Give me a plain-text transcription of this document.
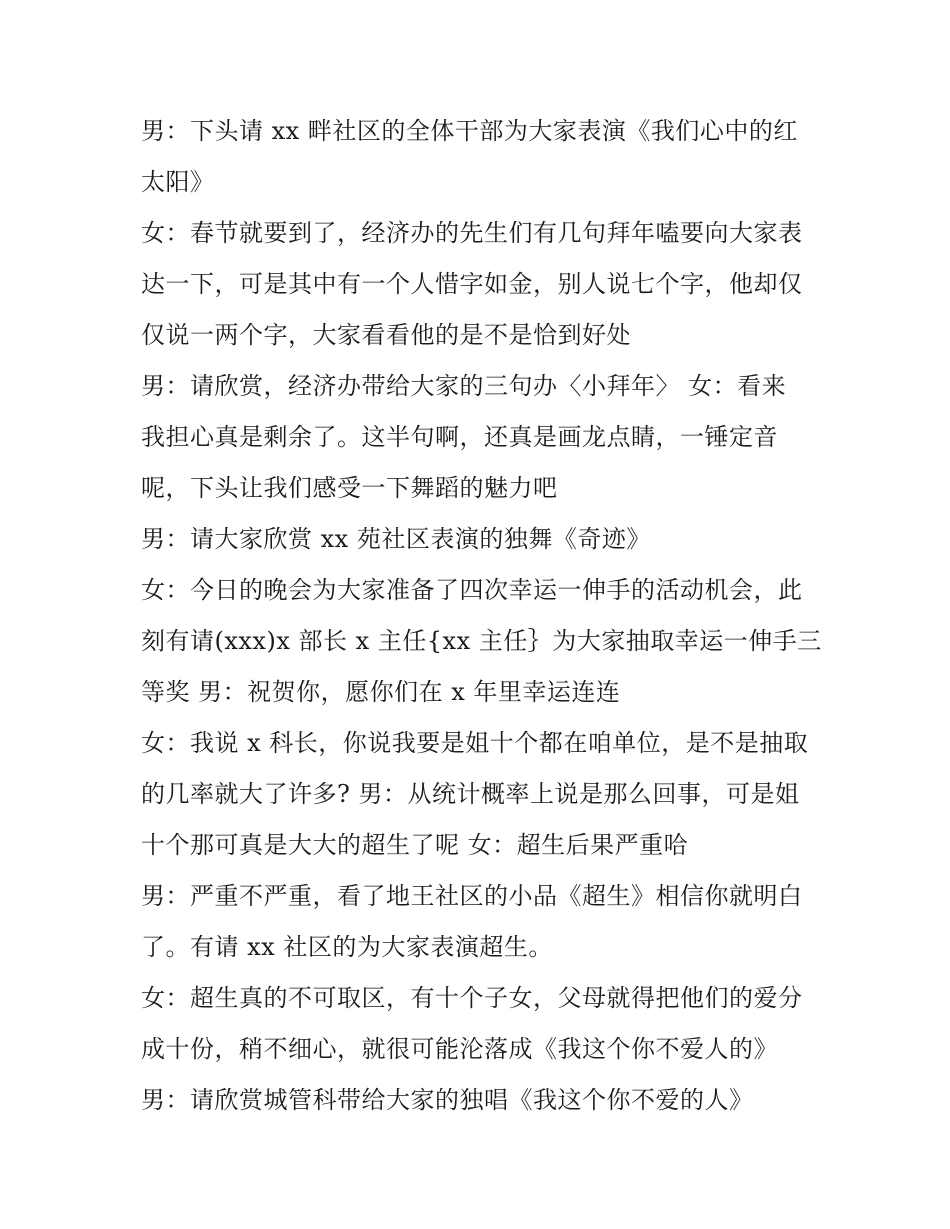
男：下头请 xx 畔社区的全体干部为大家表演《我们心中的红
太阳》
女：春节就要到了，经济办的先生们有几句拜年嗑要向大家表
达一下，可是其中有一个人惜字如金，别人说七个字，他却仅
仅说一两个字，大家看看他的是不是恰到好处
男：请欣赏，经济办带给大家的三句办〈小拜年〉 女：看来
我担心真是剩余了。这半句啊，还真是画龙点睛，一锤定音
呢，下头让我们感受一下舞蹈的魅力吧
男：请大家欣赏 xx 苑社区表演的独舞《奇迹》
女：今日的晚会为大家准备了四次幸运一伸手的活动机会，此
刻有请(xxx)x 部长 x 主任{xx 主任｝为大家抽取幸运一伸手三
等奖 男：祝贺你，愿你们在 x 年里幸运连连
女：我说 x 科长，你说我要是姐十个都在咱单位，是不是抽取
的几率就大了许多? 男：从统计概率上说是那么回事，可是姐
十个那可真是大大的超生了呢 女：超生后果严重哈
男：严重不严重，看了地王社区的小品《超生》相信你就明白
了。有请 xx 社区的为大家表演超生。
女：超生真的不可取区，有十个子女，父母就得把他们的爱分
成十份，稍不细心，就很可能沦落成《我这个你不爱人的》
男：请欣赏城管科带给大家的独唱《我这个你不爱的人》
